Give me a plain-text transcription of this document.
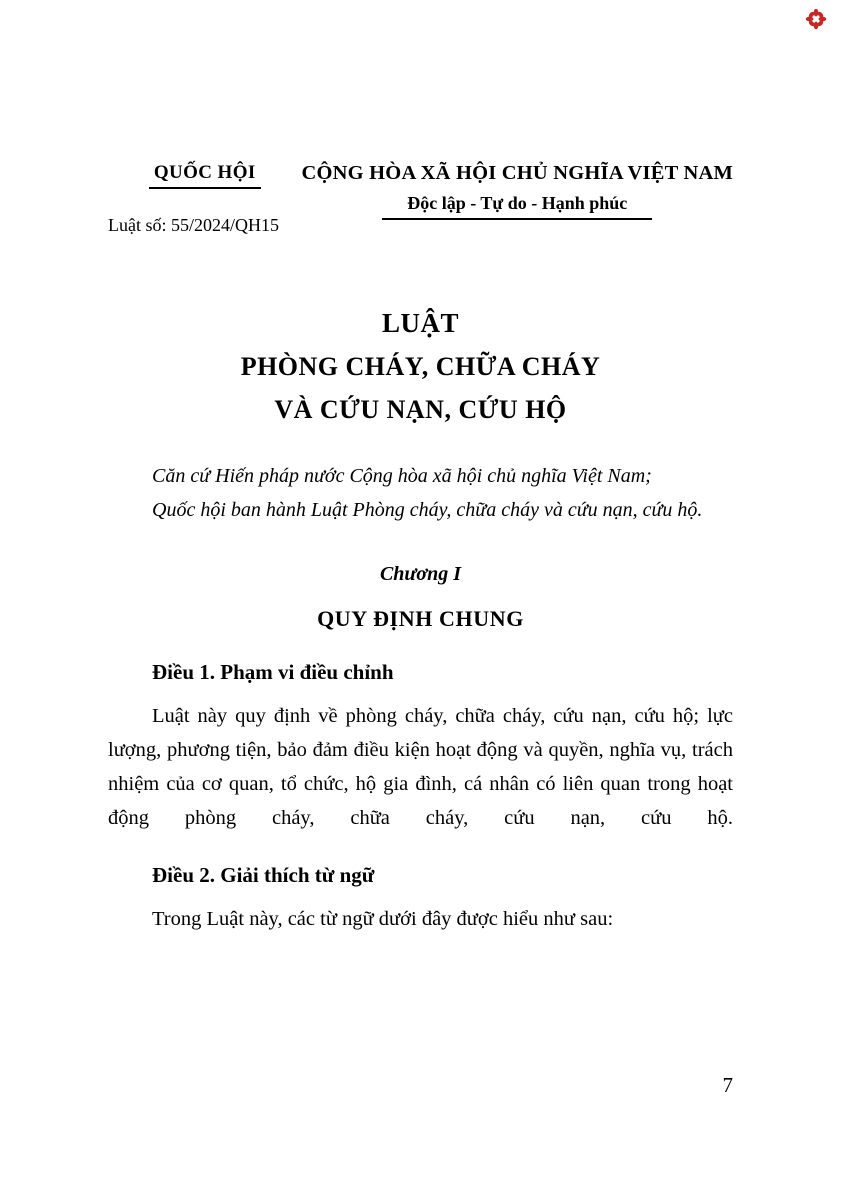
QUỐC HỘI
Luật số: 55/2024/QH15
CỘNG HÒA XÃ HỘI CHỦ NGHĨA VIỆT NAM
Độc lập - Tự do - Hạnh phúc
LUẬT
PHÒNG CHÁY, CHỮA CHÁY
VÀ CỨU NẠN, CỨU HỘ

Căn cứ Hiến pháp nước Cộng hòa xã hội chủ nghĩa Việt Nam;

Quốc hội ban hành Luật Phòng cháy, chữa cháy và cứu nạn, cứu hộ.

Chương I
QUY ĐỊNH CHUNG
Điều 1. Phạm vi điều chỉnh

Luật này quy định về phòng cháy, chữa cháy, cứu nạn, cứu hộ; lực lượng, phương tiện, bảo đảm điều kiện hoạt động và quyền, nghĩa vụ, trách nhiệm của cơ quan, tổ chức, hộ gia đình, cá nhân có liên quan trong hoạt động phòng cháy, chữa cháy, cứu nạn, cứu hộ.

Điều 2. Giải thích từ ngữ

Trong Luật này, các từ ngữ dưới đây được hiểu như sau:

7
